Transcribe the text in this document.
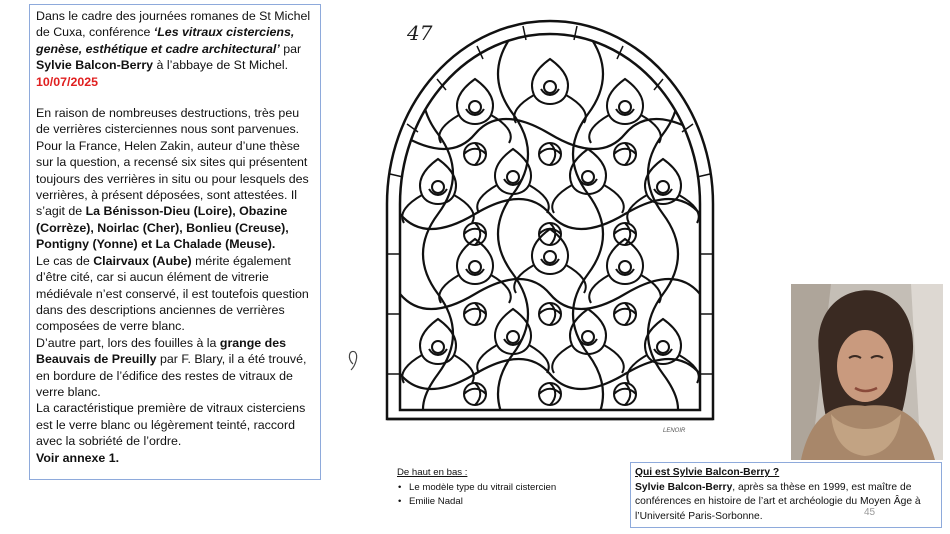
Dans le cadre des journées romanes de St Michel de Cuxa, conférence ‘Les vitraux cisterciens, genèse, esthétique et cadre architectural’ par Sylvie Balcon-Berry à l’abbaye de St Michel.
10/07/2025

En raison de nombreuses destructions, très peu de verrières cisterciennes nous sont parvenues. Pour la France, Helen Zakin, auteur d’une thèse sur la question, a recensé six sites qui présentent toujours des verrières in situ ou pour lesquels des verrières, à présent déposées, sont attestées. Il s’agit de La Bénisson-Dieu (Loire), Obazine (Corrèze), Noirlac (Cher), Bonlieu (Creuse), Pontigny (Yonne) et La Chalade (Meuse).

Le cas de Clairvaux (Aube) mérite également d’être cité, car si aucun élément de vitrerie médiévale n’est conservé, il est toutefois question dans des descriptions anciennes de verrières composées de verre blanc.

D’autre part, lors des fouilles à la grange des Beauvais de Preuilly par F. Blary, il a été trouvé, en bordure de l’édifice des restes de vitraux de verre blanc.

La caractéristique première de vitraux cisterciens est le verre blanc ou légèrement teinté, raccord avec la sobriété de l’ordre.

Voir annexe 1.

47
LENOIR
De haut en bas :
• Le modèle type du vitrail cistercien
• Emilie Nadal
Qui est Sylvie Balcon-Berry ?
Sylvie Balcon-Berry, après sa thèse en 1999, est maître de conférences en histoire de l’art et archéologie du Moyen Âge à l’Université Paris-Sorbonne.	45
